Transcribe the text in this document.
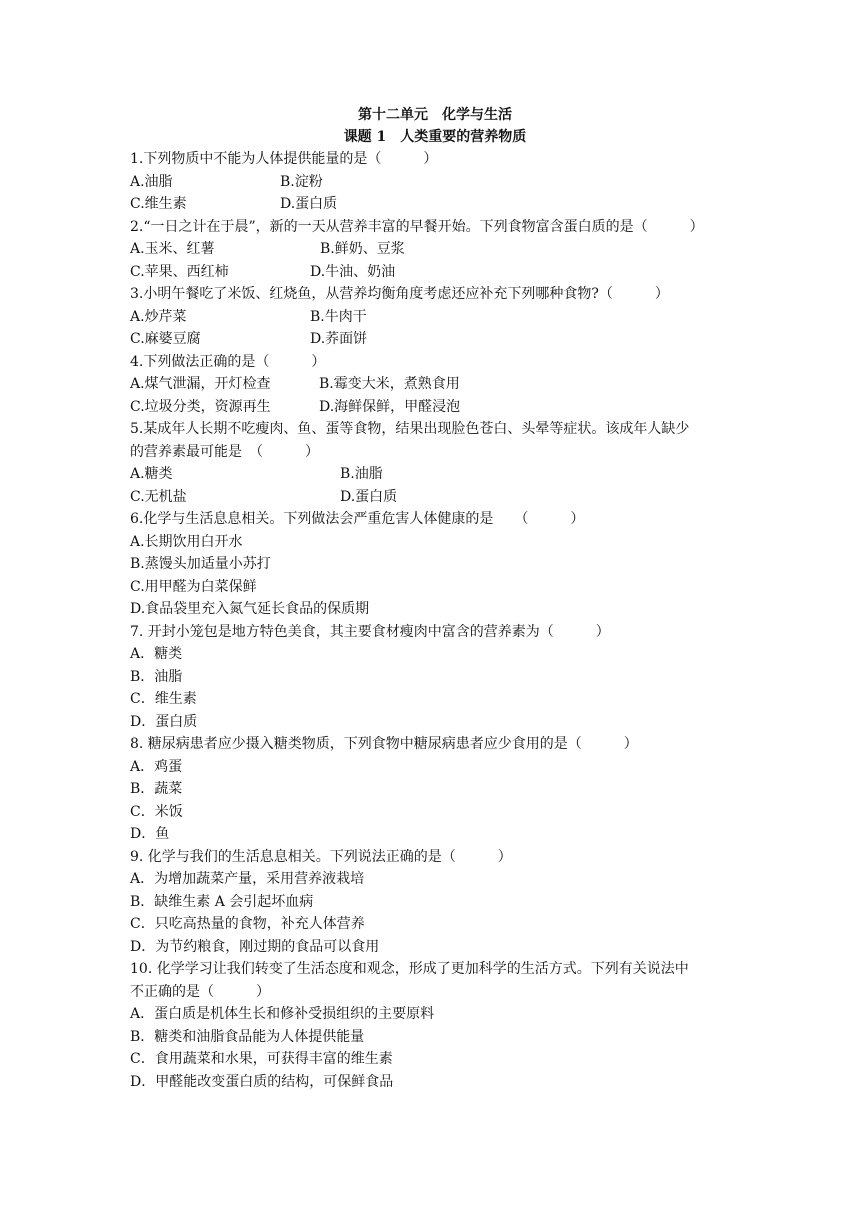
第十二单元　化学与生活
课题 1　人类重要的营养物质
1.下列物质中不能为人体提供能量的是（　　　）
A.油脂	B.淀粉
C.维生素	D.蛋白质
2.“一日之计在于晨”，新的一天从营养丰富的早餐开始。下列食物富含蛋白质的是（　　　）
A.玉米、红薯	B.鲜奶、豆浆
C.苹果、西红柿	D.牛油、奶油
3.小明午餐吃了米饭、红烧鱼，从营养均衡角度考虑还应补充下列哪种食物?（　　　）
A.炒芹菜	B.牛肉干
C.麻婆豆腐	D.荞面饼
4.下列做法正确的是（　　　）
A.煤气泄漏，开灯检查	B.霉变大米，煮熟食用
C.垃圾分类，资源再生	D.海鲜保鲜，甲醛浸泡
5.某成年人长期不吃瘦肉、鱼、蛋等食物，结果出现脸色苍白、头晕等症状。该成年人缺少
的营养素最可能是　（　　　）
A.糖类	B.油脂
C.无机盐	D.蛋白质
6.化学与生活息息相关。下列做法会严重危害人体健康的是　　（　　　）
A.长期饮用白开水
B.蒸馒头加适量小苏打
C.用甲醛为白菜保鲜
D.食品袋里充入氮气延长食品的保质期
7. 开封小笼包是地方特色美食，其主要食材瘦肉中富含的营养素为（　　　）
A．糖类
B．油脂
C．维生素
D．蛋白质
8. 糖尿病患者应少摄入糖类物质，下列食物中糖尿病患者应少食用的是（　　　）
A．鸡蛋
B．蔬菜
C．米饭
D．鱼
9. 化学与我们的生活息息相关。下列说法正确的是（　　　）
A．为增加蔬菜产量，采用营养液栽培
B．缺维生素 A 会引起坏血病
C．只吃高热量的食物，补充人体营养
D．为节约粮食，刚过期的食品可以食用
10. 化学学习让我们转变了生活态度和观念，形成了更加科学的生活方式。下列有关说法中
不正确的是（　　　）
A．蛋白质是机体生长和修补受损组织的主要原料
B．糖类和油脂食品能为人体提供能量
C．食用蔬菜和水果，可获得丰富的维生素
D．甲醛能改变蛋白质的结构，可保鲜食品
